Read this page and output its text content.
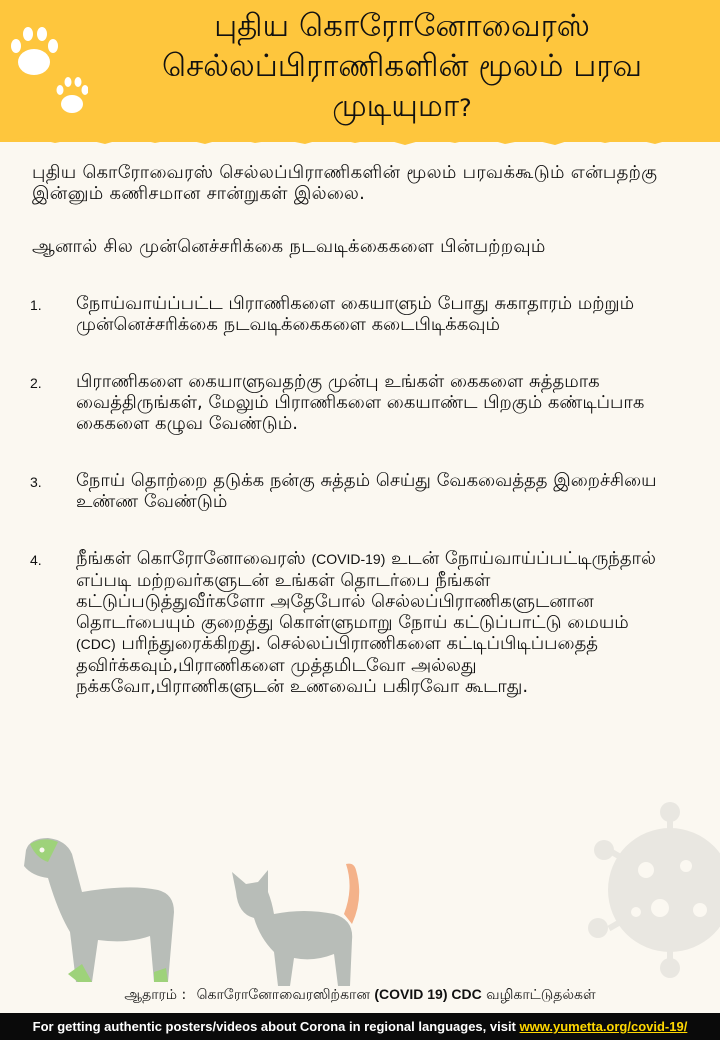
புதிய கொரோனோவைரஸ் செல்லப்பிராணிகளின் மூலம் பரவ முடியுமா?

புதிய கொரோவைரஸ் செல்லப்பிராணிகளின் மூலம் பரவக்கூடும் என்பதற்கு இன்னும் கணிசமான சான்றுகள் இல்லை.

ஆனால் சில முன்னெச்சரிக்கை நடவடிக்கைகளை பின்பற்றவும்

1. நோய்வாய்ப்பட்ட பிராணிகளை கையாளும் போது சுகாதாரம் மற்றும் முன்னெச்சரிக்கை நடவடிக்கைகளை கடைபிடிக்கவும்
2. பிராணிகளை கையாளுவதற்கு முன்பு உங்கள் கைகளை சுத்தமாக வைத்திருங்கள், மேலும் பிராணிகளை கையாண்ட பிறகும் கண்டிப்பாக கைகளை கழுவ வேண்டும்.
3. நோய் தொற்றை தடுக்க நன்கு சுத்தம் செய்து வேகவைத்தத இறைச்சியை உண்ண வேண்டும்
4. நீங்கள் கொரோனோவைரஸ் (COVID-19) உடன் நோய்வாய்ப்பட்டிருந்தால் எப்படி மற்றவர்களுடன் உங்கள் தொடர்பை நீங்கள் கட்டுப்படுத்துவீர்களோ அதேபோல் செல்லப்பிராணிகளுடனான தொடர்பையும் குறைத்து கொள்ளுமாறு நோய் கட்டுப்பாட்டு மையம் (CDC) பரிந்துரைக்கிறது. செல்லப்பிராணிகளை கட்டிப்பிடிப்பதைத் தவிர்க்கவும்,பிராணிகளை முத்தமிடவோ அல்லது நக்கவோ,பிராணிகளுடன் உணவைப் பகிரவோ கூடாது.
ஆதாரம் : கொரோனோவைரஸிற்கான (COVID 19) CDC வழிகாட்டுதல்கள்
For getting authentic posters/videos about Corona in regional languages, visit www.yumetta.org/covid-19/
